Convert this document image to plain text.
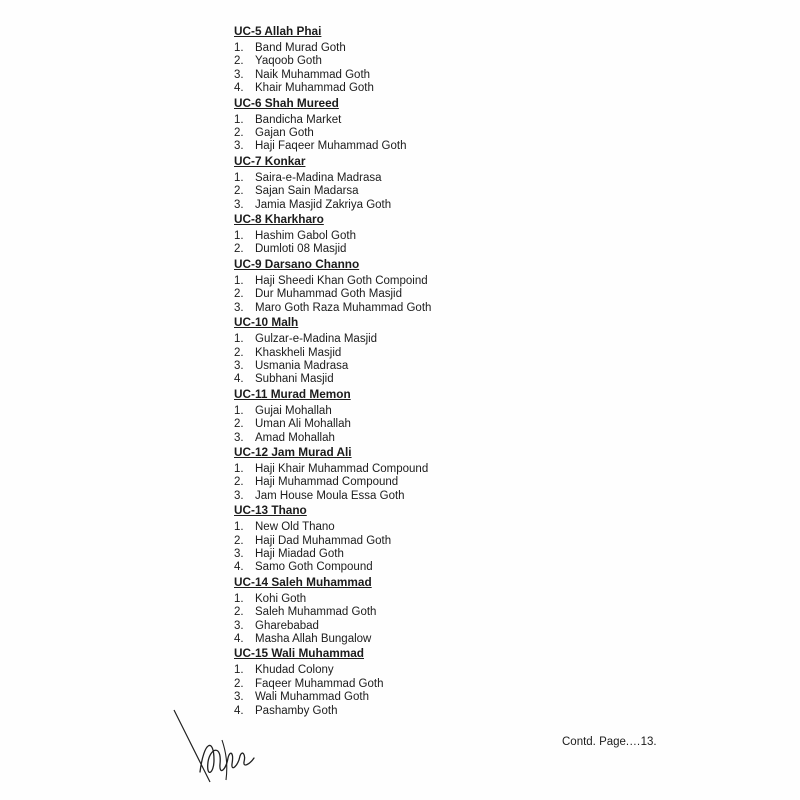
UC-5 Allah Phai
1. Band Murad Goth
2. Yaqoob Goth
3. Naik Muhammad Goth
4. Khair Muhammad Goth
UC-6 Shah Mureed
1. Bandicha Market
2. Gajan Goth
3. Haji Faqeer Muhammad Goth
UC-7 Konkar
1. Saira-e-Madina Madrasa
2. Sajan Sain Madarsa
3. Jamia Masjid Zakriya Goth
UC-8 Kharkharo
1. Hashim Gabol Goth
2. Dumloti 08 Masjid
UC-9 Darsano Channo
1. Haji Sheedi Khan Goth Compoind
2. Dur Muhammad Goth Masjid
3. Maro Goth Raza Muhammad Goth
UC-10 Malh
1. Gulzar-e-Madina Masjid
2. Khaskheli Masjid
3. Usmania Madrasa
4. Subhani Masjid
UC-11 Murad Memon
1. Gujai Mohallah
2. Uman Ali Mohallah
3. Amad Mohallah
UC-12 Jam Murad Ali
1. Haji Khair Muhammad Compound
2. Haji Muhammad Compound
3. Jam House Moula Essa Goth
UC-13 Thano
1. New Old Thano
2. Haji Dad Muhammad Goth
3. Haji Miadad Goth
4. Samo Goth Compound
UC-14 Saleh Muhammad
1. Kohi Goth
2. Saleh Muhammad Goth
3. Gharebabad
4. Masha Allah Bungalow
UC-15 Wali Muhammad
1. Khudad Colony
2. Faqeer Muhammad Goth
3. Wali Muhammad Goth
4. Pashamby Goth
Contd. Page.…13.
